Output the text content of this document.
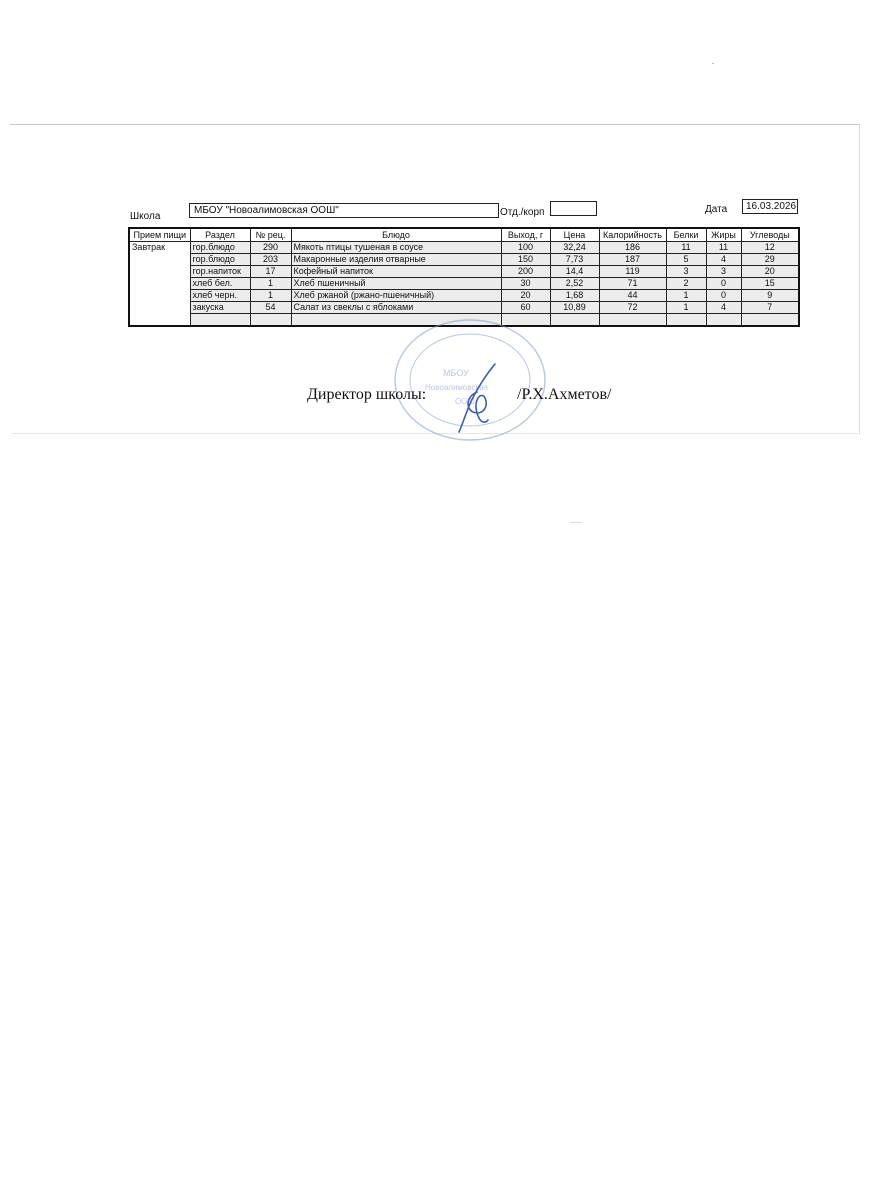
Школа
МБОУ "Новоалимовская ООШ"	Отд./корп	Дата	16.03.2026
Прием пищи	Раздел	№ рец.	Блюдо	Выход, г	Цена	Калорийность	Белки	Жиры	Углеводы
Завтрак	гор.блюдо	290	Мякоть птицы тушеная в соусе	100	32,24	186	11	11	12
	гор.блюдо	203	Макаронные изделия отварные	150	7,73	187	5	4	29
	гор.напиток	17	Кофейный напиток	200	14,4	119	3	3	20
	хлеб бел.	1	Хлеб пшеничный	30	2,52	71	2	0	15
	хлеб черн.	1	Хлеб ржаной (ржано-пшеничный)	20	1,68	44	1	0	9
	закуска	54	Салат из свеклы с яблоками	60	10,89	72	1	4	7

МБОУ
Новоалимовская
ООШ
Директор школы:	/Р.Х.Ахметов/
